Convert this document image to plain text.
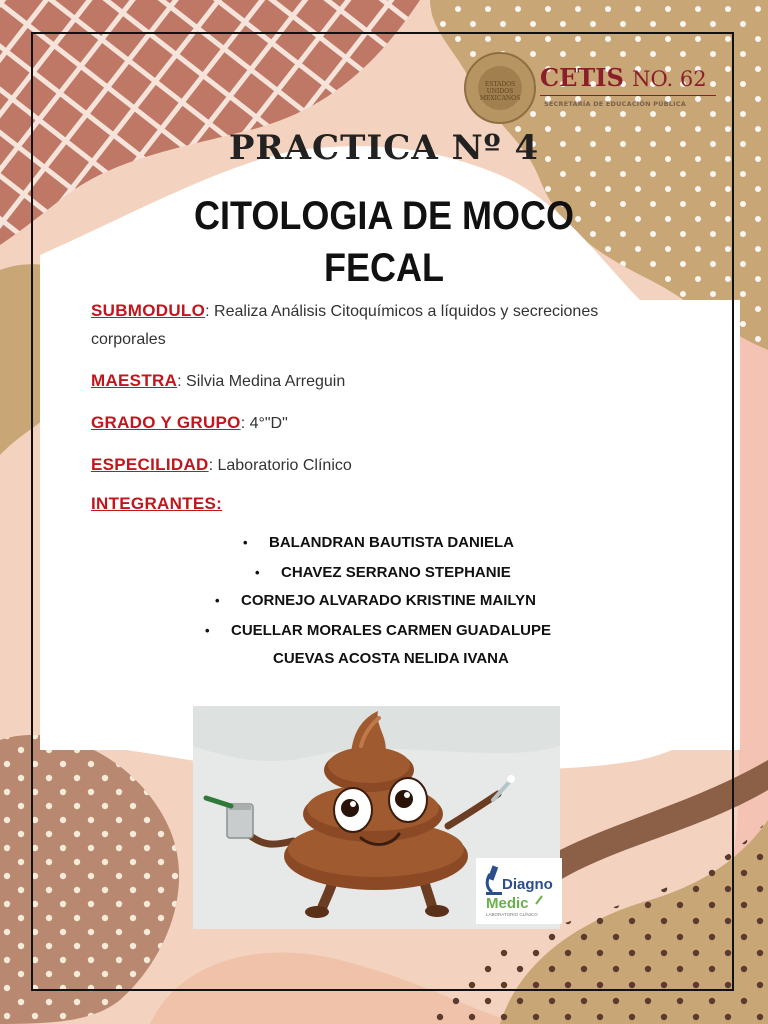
ESTADOS UNIDOS MEXICANOS
CETIS NO. 62
SECRETARÍA DE EDUCACIÓN PÚBLICA
PRACTICA Nº 4
CITOLOGIA DE MOCO
FECAL
SUBMODULO: Realiza Análisis Citoquímicos a líquidos y secreciones corporales
MAESTRA: Silvia Medina Arreguin
GRADO Y GRUPO: 4°"D"
ESPECILIDAD: Laboratorio Clínico
INTEGRANTES:
• BALANDRAN BAUTISTA DANIELA
• CHAVEZ SERRANO STEPHANIE
• CORNEJO ALVARADO KRISTINE MAILYN
• CUELLAR MORALES CARMEN GUADALUPE
CUEVAS ACOSTA NELIDA IVANA
Diagno
Medic
LABORATORIO CLÍNICO
